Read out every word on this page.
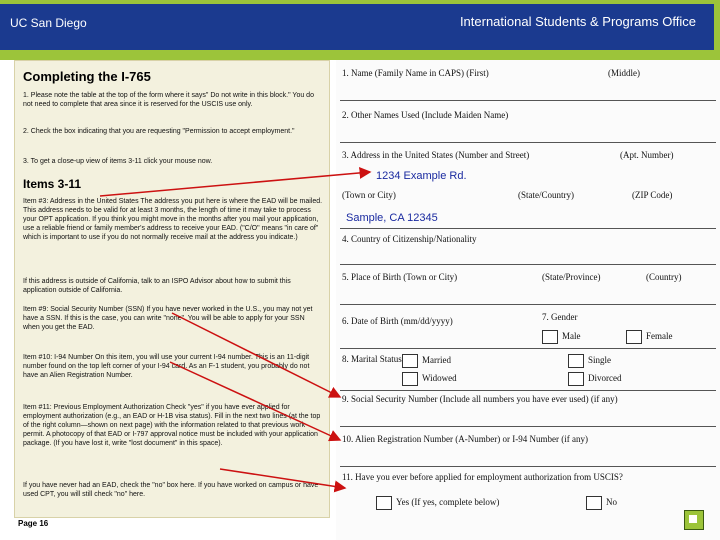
UC San Diego	International Students & Programs Office
Completing the I-765
1. Please note the table at the top of the form where it says" Do not write in this block." You do not need to complete that area since it is reserved for the USCIS use only.
2. Check the box indicating that you are requesting "Permission to accept employment."
3. To get a close-up view of items 3-11 click your mouse now.
Items 3-11
Item #3: Address in the United States The address you put here is where the EAD will be mailed. This address needs to be valid for at least 3 months, the length of time it may take to process your OPT application. If you think you might move in the months after you mail your application, use a reliable friend or family member's address to receive your EAD. ("C/O" means "in care of" which is important to use if you do not normally receive mail at the address you indicate.)
If this address is outside of California, talk to an ISPO Advisor about how to submit this application outside of California.
Item #9: Social Security Number (SSN) If you have never worked in the U.S., you may not yet have a SSN. If this is the case, you can write "none". You will be able to apply for your SSN when you get the EAD.
Item #10: I-94 Number On this item, you will use your current I-94 number. This is an 11-digit number found on the top left corner of your I-94 card. As an F-1 student, you probably do not have an Alien Registration Number.
Item #11: Previous Employment Authorization Check "yes" if you have ever applied for employment authorization (e.g., an EAD or H-1B visa status). Fill in the next two lines (at the top of the right column—shown on next page) with the information related to that previous work permit. A photocopy of that EAD or I-797 approval notice must be included with your application package. (If you have lost it, write "lost document" in this space).
If you have never had an EAD, check the "no" box here. If you have worked on campus or have used CPT, you will still check "no" here.
Page 16
1. Name (Family Name in CAPS) (First)	(Middle)
2. Other Names Used (Include Maiden Name)
3. Address in the United States (Number and Street)	(Apt. Number)
1234 Example Rd.
(Town or City)	(State/Country)	(ZIP Code)
Sample, CA 12345
4. Country of Citizenship/Nationality
5. Place of Birth (Town or City)	(State/Province)	(Country)
6. Date of Birth (mm/dd/yyyy)	7. Gender
Male	Female
8. Marital Status	Married	Single
Widowed	Divorced
9. Social Security Number (Include all numbers you have ever used) (if any)
10. Alien Registration Number (A-Number) or I-94 Number (if any)
11. Have you ever before applied for employment authorization from USCIS?
Yes (If yes, complete below)	No
